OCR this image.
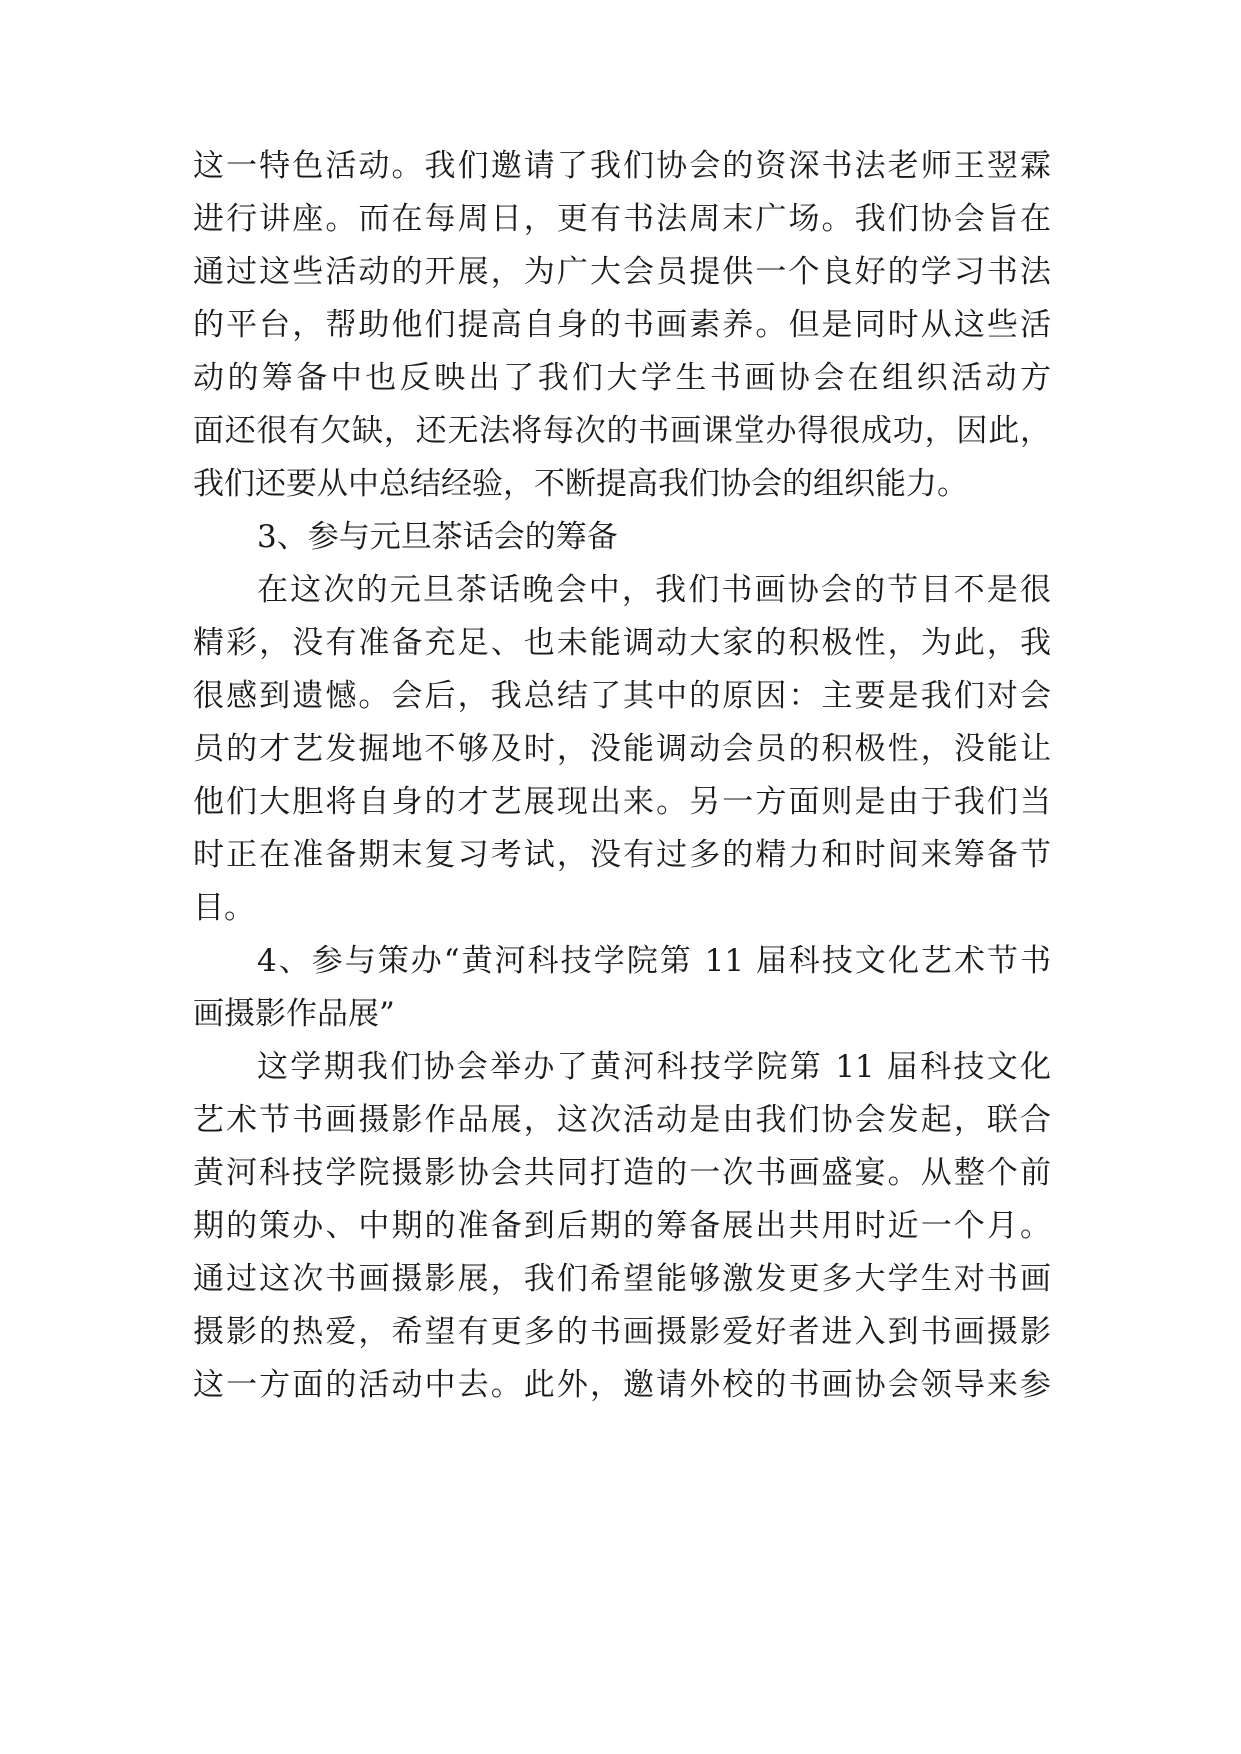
这一特色活动。我们邀请了我们协会的资深书法老师王翌霖
进行讲座。而在每周日，更有书法周末广场。我们协会旨在
通过这些活动的开展，为广大会员提供一个良好的学习书法
的平台，帮助他们提高自身的书画素养。但是同时从这些活
动的筹备中也反映出了我们大学生书画协会在组织活动方
面还很有欠缺，还无法将每次的书画课堂办得很成功，因此，
我们还要从中总结经验，不断提高我们协会的组织能力。
3、参与元旦茶话会的筹备
在这次的元旦茶话晚会中，我们书画协会的节目不是很
精彩，没有准备充足、也未能调动大家的积极性，为此，我
很感到遗憾。会后，我总结了其中的原因：主要是我们对会
员的才艺发掘地不够及时，没能调动会员的积极性，没能让
他们大胆将自身的才艺展现出来。另一方面则是由于我们当
时正在准备期末复习考试，没有过多的精力和时间来筹备节
目。
4、参与策办“黄河科技学院第 11 届科技文化艺术节书
画摄影作品展”
这学期我们协会举办了黄河科技学院第 11 届科技文化
艺术节书画摄影作品展，这次活动是由我们协会发起，联合
黄河科技学院摄影协会共同打造的一次书画盛宴。从整个前
期的策办、中期的准备到后期的筹备展出共用时近一个月。
通过这次书画摄影展，我们希望能够激发更多大学生对书画
摄影的热爱，希望有更多的书画摄影爱好者进入到书画摄影
这一方面的活动中去。此外，邀请外校的书画协会领导来参
